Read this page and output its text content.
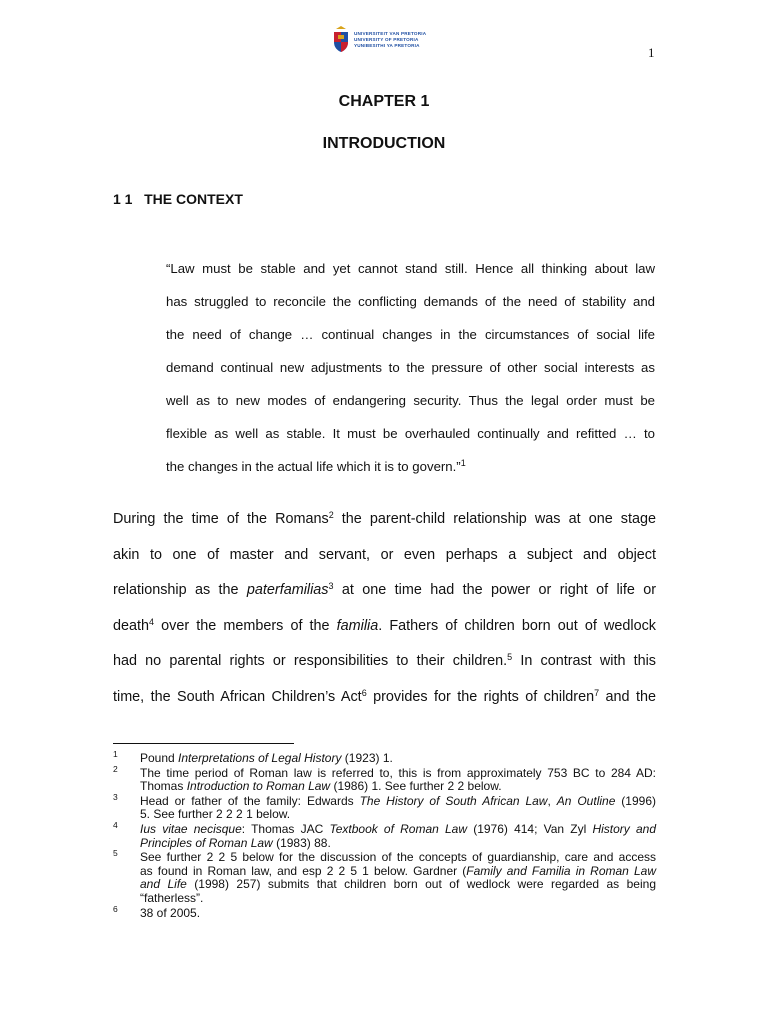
UNIVERSITEIT VAN PRETORIA
UNIVERSITY OF PRETORIA
YUNIBESITHI YA PRETORIA	1
CHAPTER 1
INTRODUCTION
1 1   THE CONTEXT
“Law must be stable and yet cannot stand still. Hence all thinking about law
has struggled to reconcile the conflicting demands of the need of stability and
the need of change … continual changes in the circumstances of social life
demand continual new adjustments to the pressure of other social interests as
well as to new modes of endangering security. Thus the legal order must be
flexible as well as stable. It must be overhauled continually and refitted … to
the changes in the actual life which it is to govern.”$^1$
During the time of the Romans$^2$ the parent-child relationship was at one stage
akin to one of master and servant, or even perhaps a subject and object
relationship as the paterfamilias$^3$ at one time had the power or right of life or
death$^4$ over the members of the familia. Fathers of children born out of wedlock
had no parental rights or responsibilities to their children.$^5$ In contrast with this
time, the South African Children’s Act$^6$ provides for the rights of children$^7$ and the
1 Pound Interpretations of Legal History (1923) 1.
2 The time period of Roman law is referred to, this is from approximately 753 BC to 284 AD:
Thomas Introduction to Roman Law (1986) 1. See further 2 2 below.
3 Head or father of the family: Edwards The History of South African Law, An Outline (1996)
5. See further 2 2 2 1 below.
4 Ius vitae necisque: Thomas JAC Textbook of Roman Law (1976) 414; Van Zyl History and
Principles of Roman Law (1983) 88.
5 See further 2 2 5 below for the discussion of the concepts of guardianship, care and access
as found in Roman law, and esp 2 2 5 1 below. Gardner (Family and Familia in Roman Law
and Life (1998) 257) submits that children born out of wedlock were regarded as being
“fatherless”.
6 38 of 2005.
